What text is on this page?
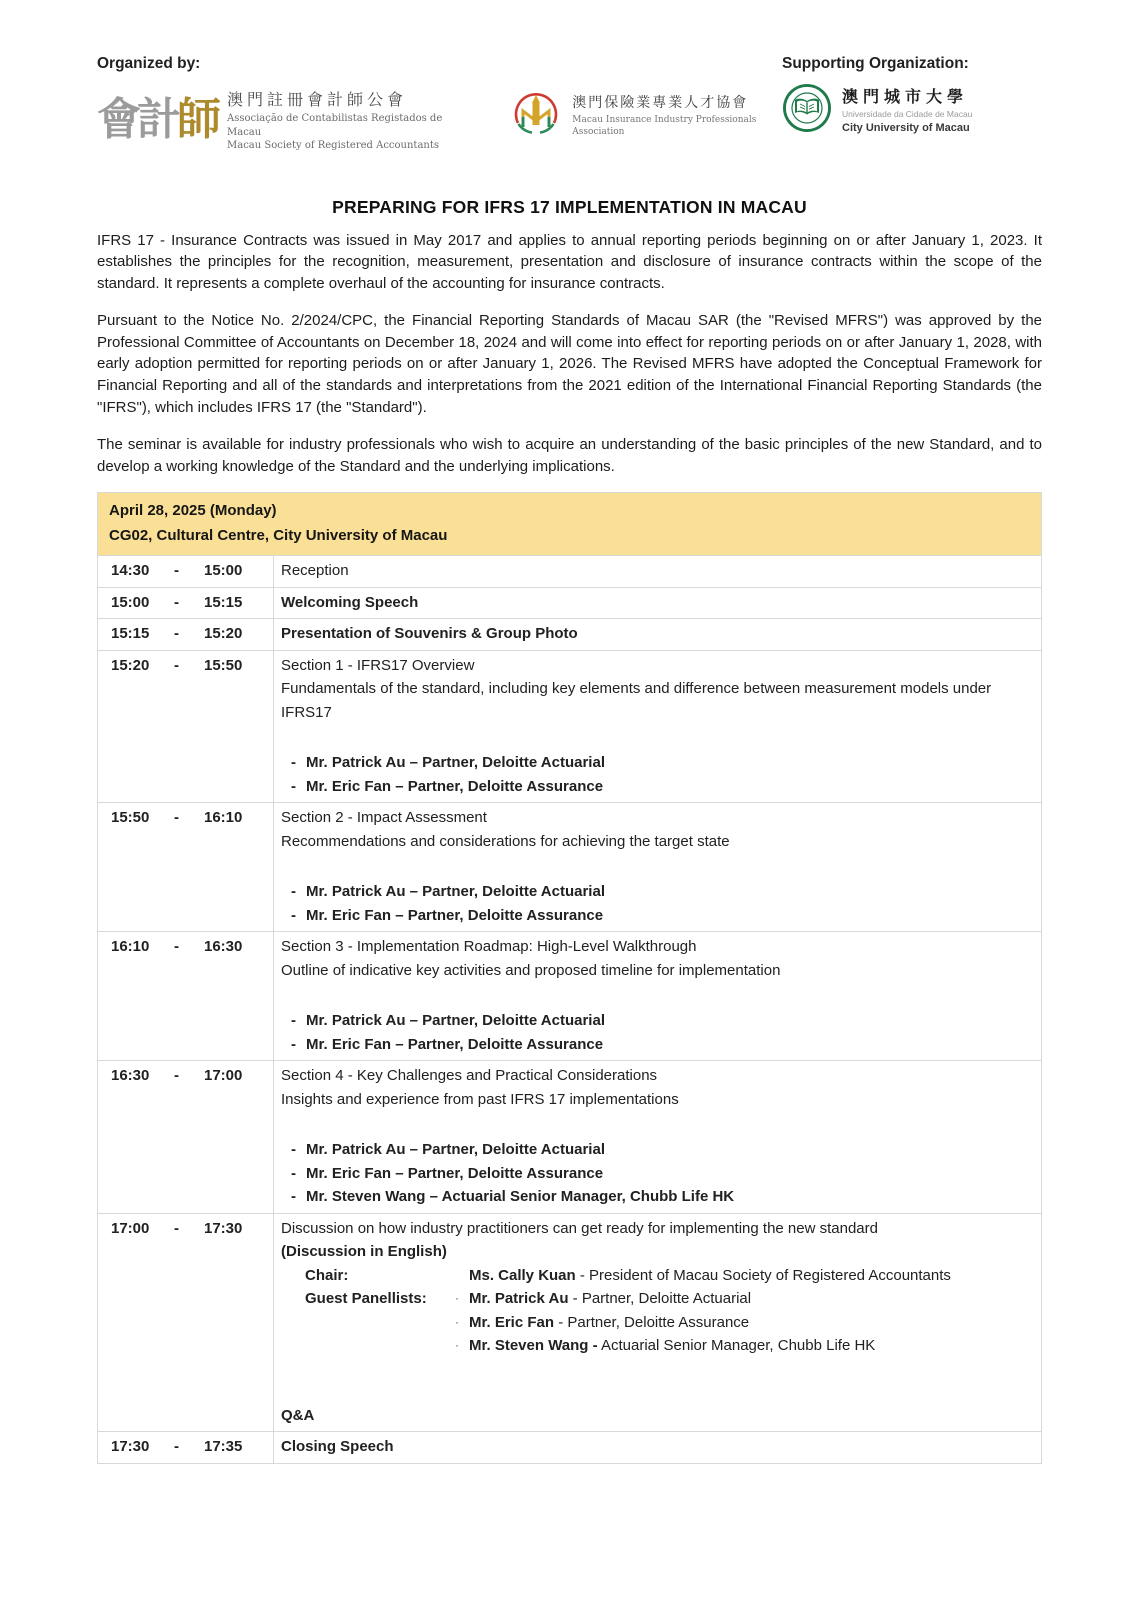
Organized by:
會 計 師 澳門註冊會計師公會
Associação de Contabilistas Registados de Macau
Macau Society of Registered Accountants
澳門保險業專業人才協會
Macau Insurance Industry Professionals Association
Supporting Organization:
澳門城市大學
Universidade da Cidade de Macau
City University of Macau
PREPARING FOR IFRS 17 IMPLEMENTATION IN MACAU

IFRS 17 - Insurance Contracts was issued in May 2017 and applies to annual reporting periods beginning on or after January 1, 2023. It establishes the principles for the recognition, measurement, presentation and disclosure of insurance contracts within the scope of the standard. It represents a complete overhaul of the accounting for insurance contracts.

Pursuant to the Notice No. 2/2024/CPC, the Financial Reporting Standards of Macau SAR (the "Revised MFRS") was approved by the Professional Committee of Accountants on December 18, 2024 and will come into effect for reporting periods on or after January 1, 2028, with early adoption permitted for reporting periods on or after January 1, 2026. The Revised MFRS have adopted the Conceptual Framework for Financial Reporting and all of the standards and interpretations from the 2021 edition of the International Financial Reporting Standards (the "IFRS"), which includes IFRS 17 (the "Standard").

The seminar is available for industry professionals who wish to acquire an understanding of the basic principles of the new Standard, and to develop a working knowledge of the Standard and the underlying implications.

April 28, 2025 (Monday)
CG02, Cultural Centre, City University of Macau
14:30	-	15:00	Reception
15:00	-	15:15	Welcoming Speech
15:15	-	15:20	Presentation of Souvenirs & Group Photo
15:20	-	15:50	Section 1 - IFRS17 Overview
Fundamentals of the standard, including key elements and difference between measurement models under IFRS17
- Mr. Patrick Au – Partner, Deloitte Actuarial
- Mr. Eric Fan – Partner, Deloitte Assurance
15:50	-	16:10	Section 2 - Impact Assessment
Recommendations and considerations for achieving the target state
- Mr. Patrick Au – Partner, Deloitte Actuarial
- Mr. Eric Fan – Partner, Deloitte Assurance
16:10	-	16:30	Section 3 - Implementation Roadmap: High-Level Walkthrough
Outline of indicative key activities and proposed timeline for implementation
- Mr. Patrick Au – Partner, Deloitte Actuarial
- Mr. Eric Fan – Partner, Deloitte Assurance
16:30	-	17:00	Section 4 - Key Challenges and Practical Considerations
Insights and experience from past IFRS 17 implementations
- Mr. Patrick Au – Partner, Deloitte Actuarial
- Mr. Eric Fan – Partner, Deloitte Assurance
- Mr. Steven Wang – Actuarial Senior Manager, Chubb Life HK
17:00	-	17:30	Discussion on how industry practitioners can get ready for implementing the new standard
(Discussion in English)
Chair:	Ms. Cally Kuan - President of Macau Society of Registered Accountants
Guest Panellists:	· Mr. Patrick Au - Partner, Deloitte Actuarial
· Mr. Eric Fan - Partner, Deloitte Assurance
· Mr. Steven Wang - Actuarial Senior Manager, Chubb Life HK
Q&A
17:30	-	17:35	Closing Speech
